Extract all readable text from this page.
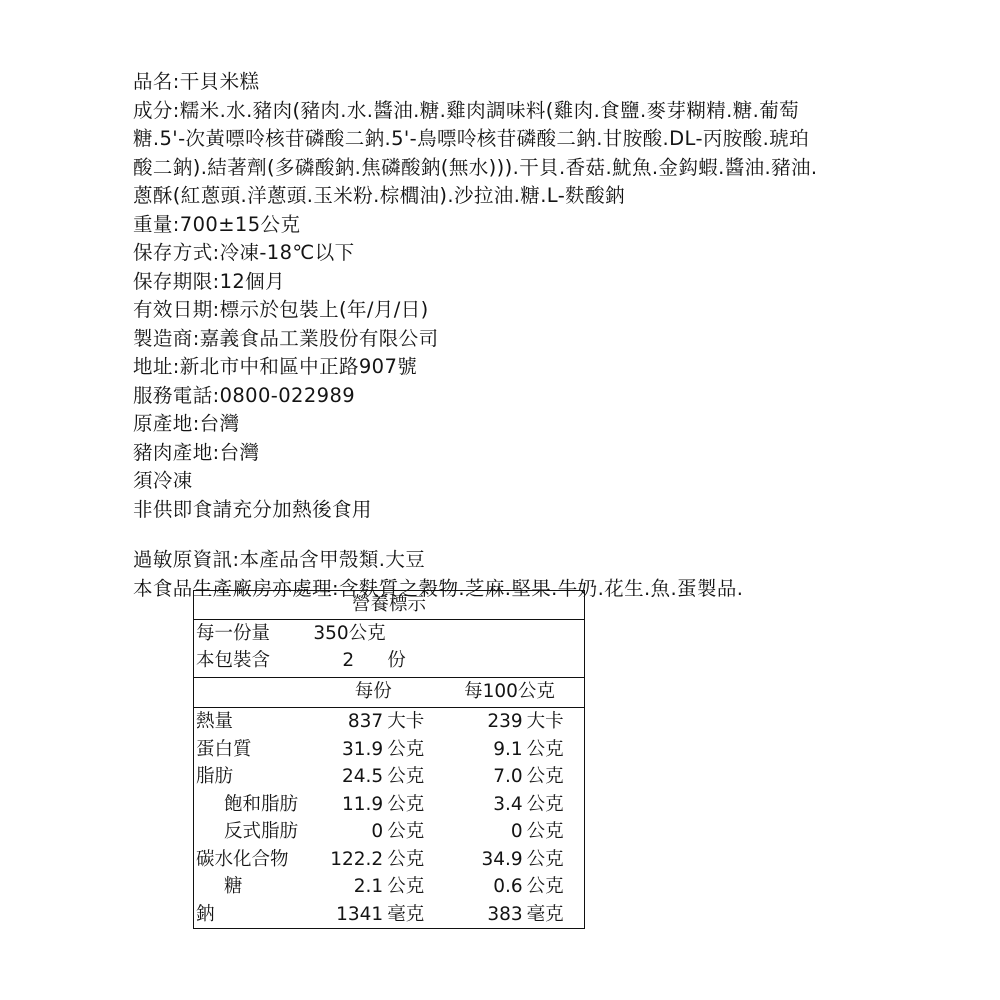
品名:干貝米糕
成分:糯米.水.豬肉(豬肉.水.醬油.糖.雞肉調味料(雞肉.食鹽.麥芽糊精.糖.葡萄
糖.5'-次黃嘌呤核苷磷酸二鈉.5'-鳥嘌呤核苷磷酸二鈉.甘胺酸.DL-丙胺酸.琥珀
酸二鈉).結著劑(多磷酸鈉.焦磷酸鈉(無水))).干貝.香菇.魷魚.金鈎蝦.醬油.豬油.
蔥酥(紅蔥頭.洋蔥頭.玉米粉.棕櫚油).沙拉油.糖.L-麩酸鈉
重量:700±15公克
保存方式:冷凍-18℃以下
保存期限:12個月
有效日期:標示於包裝上(年/月/日)
製造商:嘉義食品工業股份有限公司
地址:新北市中和區中正路907號
服務電話:0800-022989
原產地:台灣
豬肉產地:台灣
須冷凍
非供即食請充分加熱後食用
過敏原資訊:本產品含甲殼類.大豆
本食品生產廠房亦處理:含麩質之穀物.芝麻.堅果.牛奶.花生.魚.蛋製品.
營養標示				
每一份量	350公克			
本包裝含	2	份		

	每份		每100公克	

熱量	837	大卡	239	大卡
蛋白質	31.9	公克	9.1	公克
脂肪	24.5	公克	7.0	公克
飽和脂肪	11.9	公克	3.4	公克
反式脂肪	0	公克	0	公克
碳水化合物	122.2	公克	34.9	公克
糖	2.1	公克	0.6	公克
鈉	1341	毫克	383	毫克
